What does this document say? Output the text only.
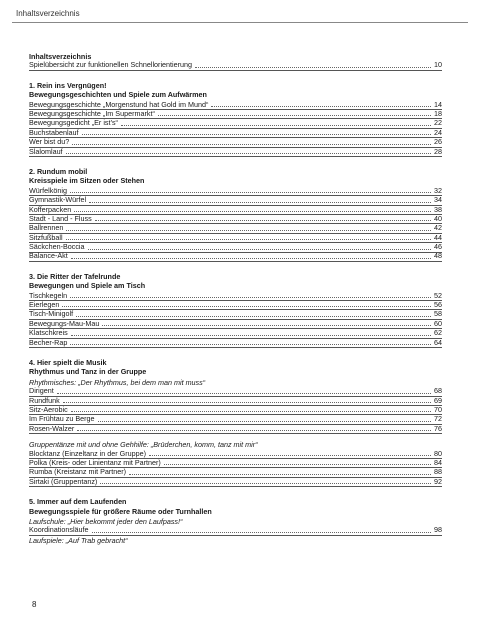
Inhaltsverzeichnis
Inhaltsverzeichnis
Spielübersicht zur funktionellen Schnellorientierung	10
1. Rein ins Vergnügen!
Bewegungsgeschichten und Spiele zum Aufwärmen
Bewegungsgeschichte „Morgenstund hat Gold im Mund“	14
Bewegungsgeschichte „Im Supermarkt“	18
Bewegungsgedicht „Er ist’s“	22
Buchstabenlauf	24
Wer bist du?	26
Slalomlauf	28
2. Rundum mobil
Kreisspiele im Sitzen oder Stehen
Würfelkönig	32
Gymnastik-Würfel	34
Kofferpacken	38
Stadt - Land - Fluss	40
Ballrennen	42
Sitzfußball	44
Säckchen-Boccia	46
Balance-Akt	48
3. Die Ritter der Tafelrunde
Bewegungen und Spiele am Tisch
Tischkegeln	52
Eierlegen	56
Tisch-Minigolf	58
Bewegungs-Mau-Mau	60
Klatschkreis	62
Becher-Rap	64
4. Hier spielt die Musik
Rhythmus und Tanz in der Gruppe
Rhythmisches: „Der Rhythmus, bei dem man mit muss“
Dirigent	68
Rundfunk	69
Sitz-Aerobic	70
Im Frühtau zu Berge	72
Rosen-Walzer	76
Gruppentänze mit und ohne Gehhilfe: „Brüderchen, komm, tanz mit mir“
Blocktanz (Einzeltanz in der Gruppe)	80
Polka (Kreis- oder Linientanz mit Partner)	84
Rumba (Kreistanz mit Partner)	88
Sirtaki (Gruppentanz)	92
5. Immer auf dem Laufenden
Bewegungsspiele für größere Räume oder Turnhallen
Laufschule: „Hier bekommt jeder den Laufpass!“
Koordinationsläufe	98
Laufspiele: „Auf Trab gebracht“
8
